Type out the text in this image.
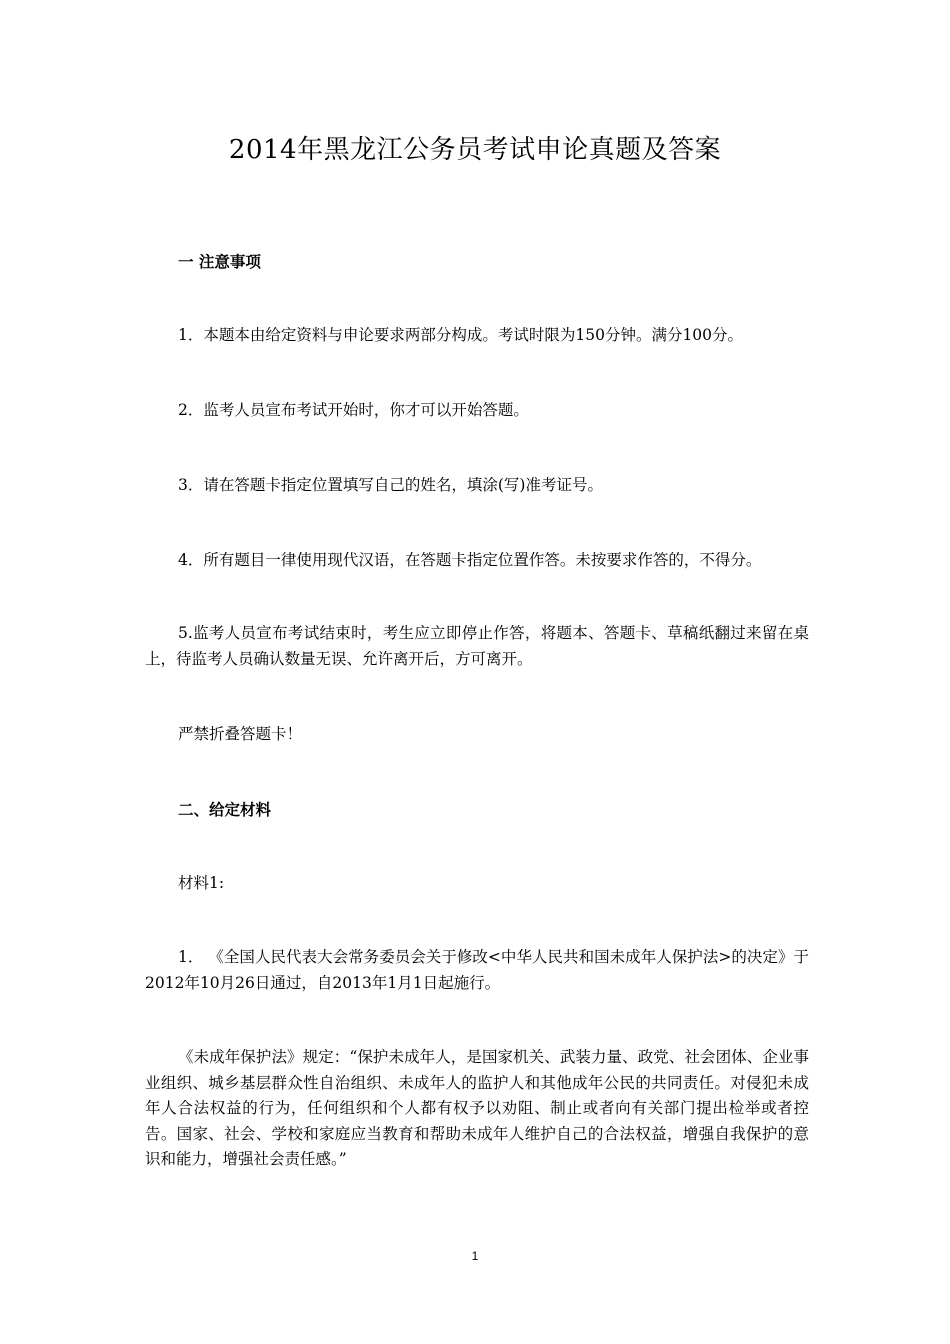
2014年黑龙江公务员考试申论真题及答案
一 注意事项
1．本题本由给定资料与申论要求两部分构成。考试时限为150分钟。满分100分。
2．监考人员宣布考试开始时，你才可以开始答题。
3．请在答题卡指定位置填写自己的姓名，填涂(写)准考证号。
4．所有题目一律使用现代汉语，在答题卡指定位置作答。未按要求作答的，不得分。
5.监考人员宣布考试结束时，考生应立即停止作答，将题本、答题卡、草稿纸翻过来留在桌上，待监考人员确认数量无误、允许离开后，方可离开。
严禁折叠答题卡！
二、给定材料
材料1:
1． 《全国人民代表大会常务委员会关于修改<中华人民共和国未成年人保护法>的决定》于2012年10月26日通过，自2013年1月1日起施行。
《未成年保护法》规定：“保护未成年人，是国家机关、武装力量、政党、社会团体、企业事业组织、城乡基层群众性自治组织、未成年人的监护人和其他成年公民的共同责任。对侵犯未成年人合法权益的行为，任何组织和个人都有权予以劝阻、制止或者向有关部门提出检举或者控告。国家、社会、学校和家庭应当教育和帮助未成年人维护自己的合法权益，增强自我保护的意识和能力，增强社会责任感。”
1
